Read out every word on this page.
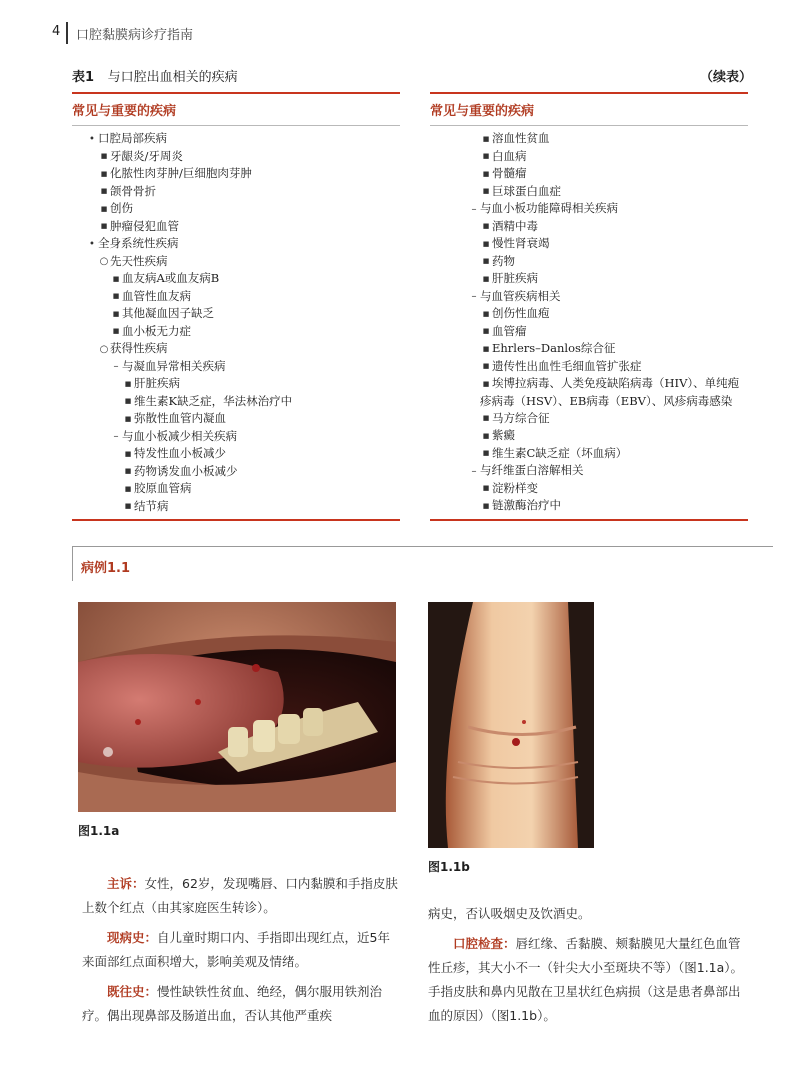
4 口腔黏膜病诊疗指南
表1 与口腔出血相关的疾病	（续表）
常见与重要的疾病
• 口腔局部疾病
■ 牙龈炎/牙周炎
■ 化脓性肉芽肿/巨细胞肉芽肿
■ 颌骨骨折
■ 创伤
■ 肿瘤侵犯血管
• 全身系统性疾病
○ 先天性疾病
■ 血友病A或血友病B
■ 血管性血友病
■ 其他凝血因子缺乏
■ 血小板无力症
○ 获得性疾病
– 与凝血异常相关疾病
■ 肝脏疾病
■ 维生素K缺乏症，华法林治疗中
■ 弥散性血管内凝血
– 与血小板减少相关疾病
■ 特发性血小板减少
■ 药物诱发血小板减少
■ 胶原血管病
■ 结节病
常见与重要的疾病
■ 溶血性贫血
■ 白血病
■ 骨髓瘤
■ 巨球蛋白血症
– 与血小板功能障碍相关疾病
■ 酒精中毒
■ 慢性肾衰竭
■ 药物
■ 肝脏疾病
– 与血管疾病相关
■ 创伤性血疱
■ 血管瘤
■ Ehrlers–Danlos综合征
■ 遗传性出血性毛细血管扩张症
■ 埃博拉病毒、人类免疫缺陷病毒（HIV）、单纯疱疹病毒（HSV）、EB病毒（EBV）、风疹病毒感染
■ 马方综合征
■ 紫癜
■ 维生素C缺乏症（坏血病）
– 与纤维蛋白溶解相关
■ 淀粉样变
■ 链激酶治疗中
病例1.1
图1.1a
图1.1b

主诉：女性，62岁，发现嘴唇、口内黏膜和手指皮肤上数个红点（由其家庭医生转诊）。

现病史：自儿童时期口内、手指即出现红点，近5年来面部红点面积增大，影响美观及情绪。

既往史：慢性缺铁性贫血、绝经，偶尔服用铁剂治疗。偶出现鼻部及肠道出血，否认其他严重疾

病史，否认吸烟史及饮酒史。

口腔检查：唇红缘、舌黏膜、颊黏膜见大量红色血管性丘疹，其大小不一（针尖大小至斑块不等）（图1.1a）。手指皮肤和鼻内见散在卫星状红色病损（这是患者鼻部出血的原因）（图1.1b）。
